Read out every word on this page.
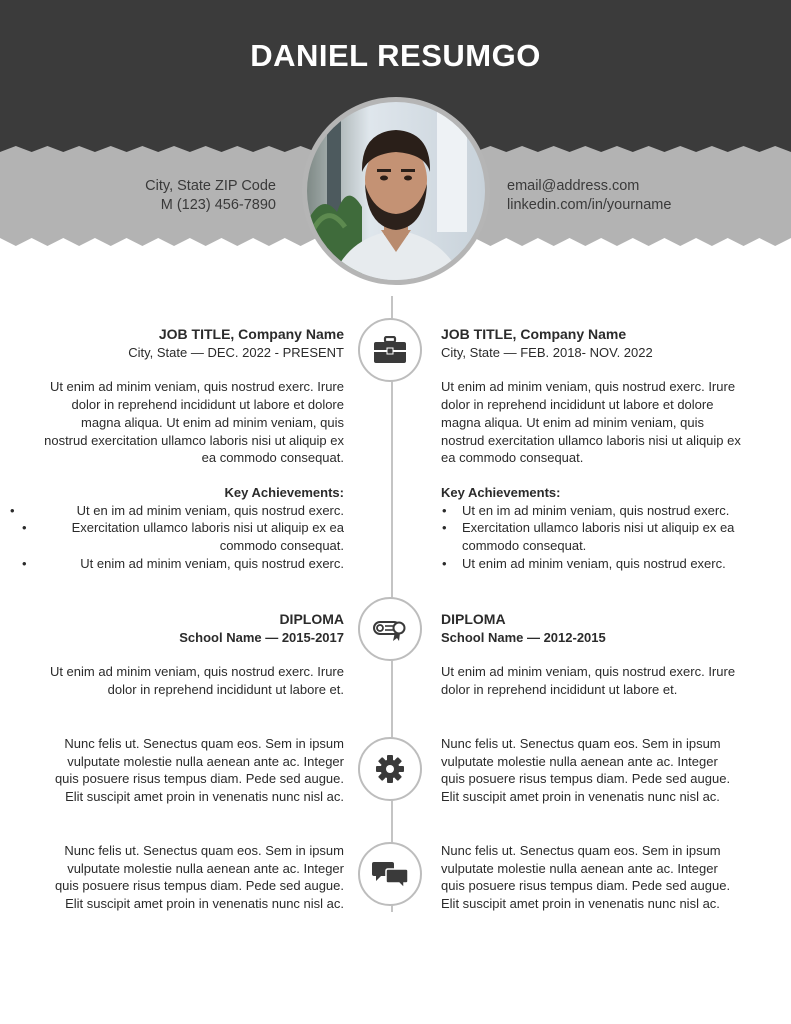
DANIEL RESUMGO
City, State ZIP Code
M (123) 456-7890
email@address.com
linkedin.com/in/yourname

JOB TITLE, Company Name

City, State — DEC. 2022 - PRESENT

Ut enim ad minim veniam, quis nostrud exerc. Irure dolor in reprehend incididunt ut labore et dolore magna aliqua. Ut enim ad minim veniam, quis nostrud exercitation ullamco laboris nisi ut aliquip ex ea commodo consequat.

Key Achievements:

•	Ut en im ad minim veniam, quis nostrud exerc.
•	Exercitation ullamco laboris nisi ut aliquip ex ea commodo consequat.
•	Ut enim ad minim veniam, quis nostrud exerc.

JOB TITLE, Company Name

City, State — FEB. 2018- NOV. 2022

Ut enim ad minim veniam, quis nostrud exerc. Irure dolor in reprehend incididunt ut labore et dolore magna aliqua. Ut enim ad minim veniam, quis nostrud exercitation ullamco laboris nisi ut aliquip ex ea commodo consequat.

Key Achievements:

• Ut en im ad minim veniam, quis nostrud exerc.
• Exercitation ullamco laboris nisi ut aliquip ex ea commodo consequat.
• Ut enim ad minim veniam, quis nostrud exerc.

DIPLOMA

School Name — 2015-2017

Ut enim ad minim veniam, quis nostrud exerc. Irure dolor in reprehend incididunt ut labore et.

DIPLOMA

School Name — 2012-2015

Ut enim ad minim veniam, quis nostrud exerc. Irure dolor in reprehend incididunt ut labore et.

Nunc felis ut. Senectus quam eos. Sem in ipsum vulputate molestie nulla aenean ante ac. Integer quis posuere risus tempus diam. Pede sed augue. Elit suscipit amet proin in venenatis nunc nisl ac.

Nunc felis ut. Senectus quam eos. Sem in ipsum vulputate molestie nulla aenean ante ac. Integer quis posuere risus tempus diam. Pede sed augue. Elit suscipit amet proin in venenatis nunc nisl ac.

Nunc felis ut. Senectus quam eos. Sem in ipsum vulputate molestie nulla aenean ante ac. Integer quis posuere risus tempus diam. Pede sed augue. Elit suscipit amet proin in venenatis nunc nisl ac.

Nunc felis ut. Senectus quam eos. Sem in ipsum vulputate molestie nulla aenean ante ac. Integer quis posuere risus tempus diam. Pede sed augue. Elit suscipit amet proin in venenatis nunc nisl ac.
